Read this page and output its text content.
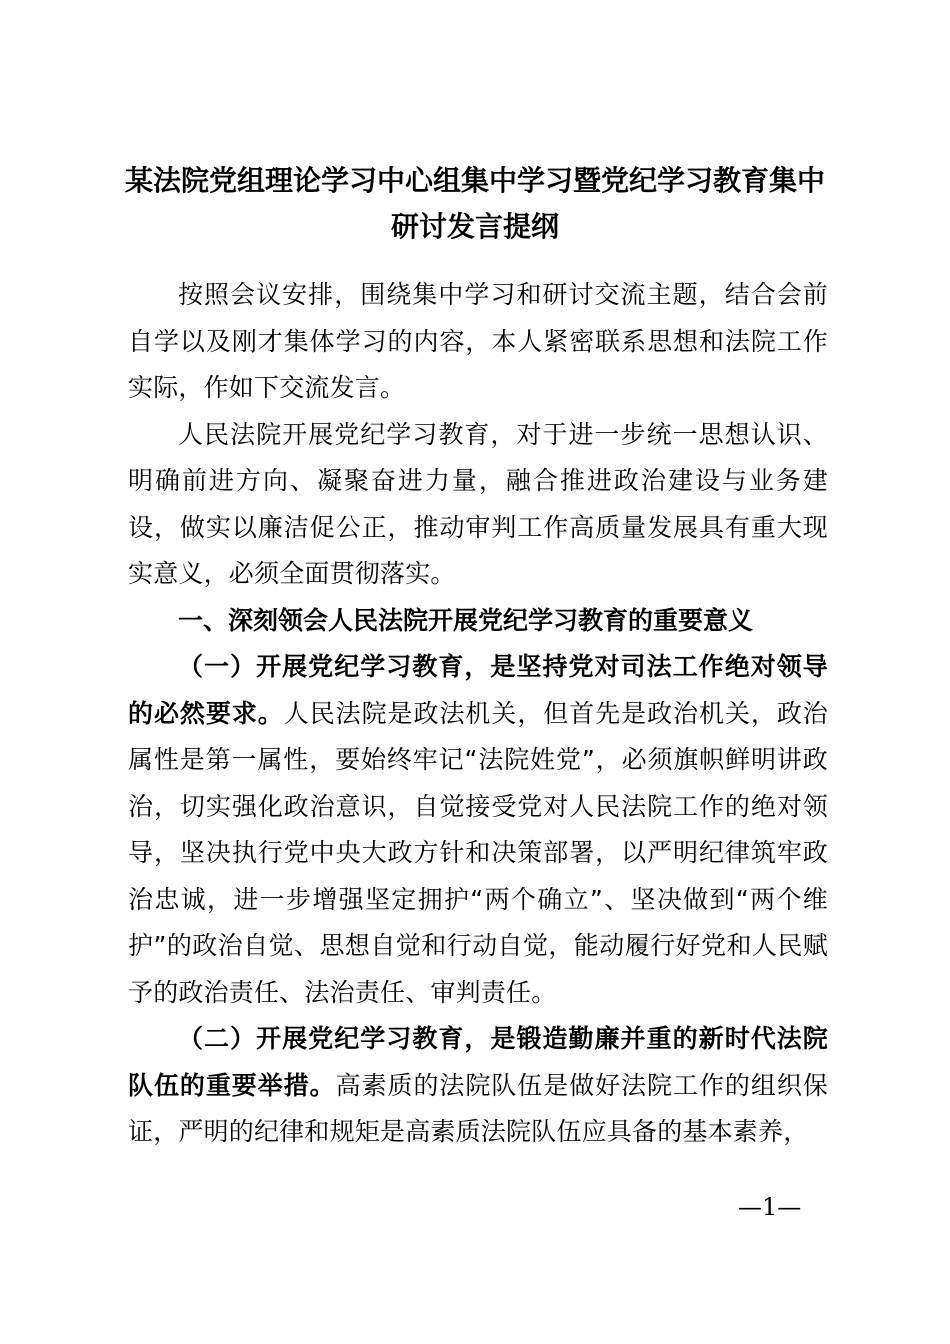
某法院党组理论学习中心组集中学习暨党纪学习教育集中研讨发言提纲

按照会议安排，围绕集中学习和研讨交流主题，结合会前自学以及刚才集体学习的内容，本人紧密联系思想和法院工作实际，作如下交流发言。

人民法院开展党纪学习教育，对于进一步统一思想认识、明确前进方向、凝聚奋进力量，融合推进政治建设与业务建设，做实以廉洁促公正，推动审判工作高质量发展具有重大现实意义，必须全面贯彻落实。

一、深刻领会人民法院开展党纪学习教育的重要意义

（一）开展党纪学习教育，是坚持党对司法工作绝对领导的必然要求。人民法院是政法机关，但首先是政治机关，政治属性是第一属性，要始终牢记“法院姓党”，必须旗帜鲜明讲政治，切实强化政治意识，自觉接受党对人民法院工作的绝对领导，坚决执行党中央大政方针和决策部署，以严明纪律筑牢政治忠诚，进一步增强坚定拥护“两个确立”、坚决做到“两个维护”的政治自觉、思想自觉和行动自觉，能动履行好党和人民赋予的政治责任、法治责任、审判责任。

（二）开展党纪学习教育，是锻造勤廉并重的新时代法院队伍的重要举措。高素质的法院队伍是做好法院工作的组织保证，严明的纪律和规矩是高素质法院队伍应具备的基本素养，

—1—
